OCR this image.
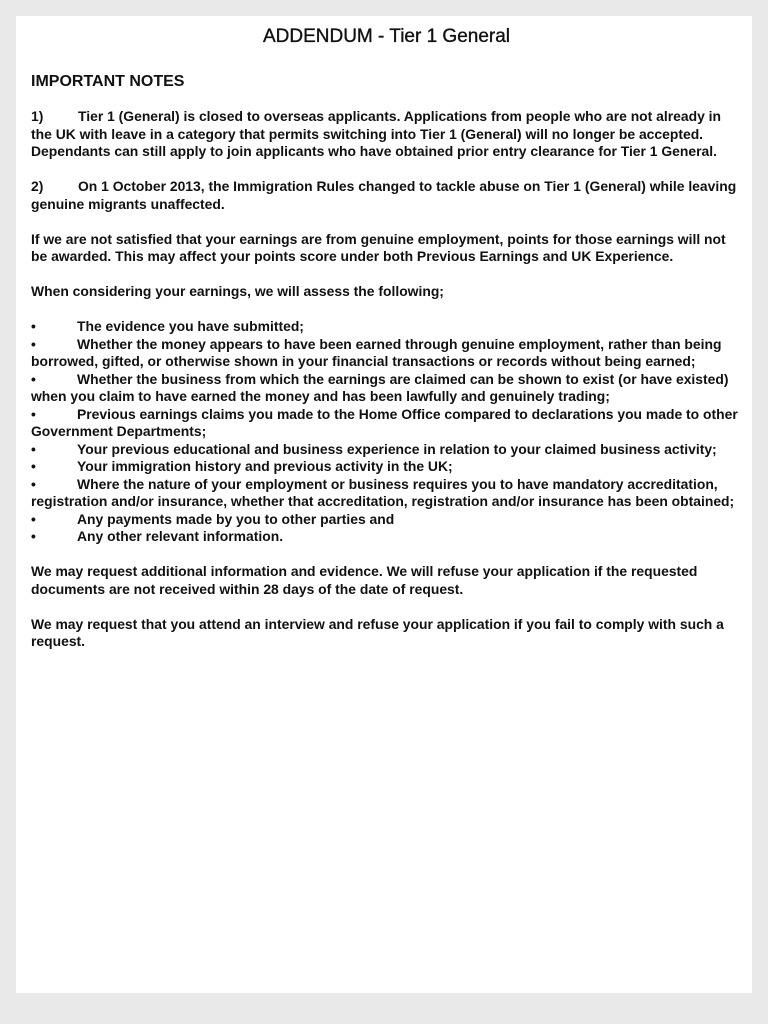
ADDENDUM - Tier 1 General
IMPORTANT NOTES

1) Tier 1 (General) is closed to overseas applicants. Applications from people who are not already in the UK with leave in a category that permits switching into Tier 1 (General) will no longer be accepted. Dependants can still apply to join applicants who have obtained prior entry clearance for Tier 1 General.

2) On 1 October 2013, the Immigration Rules changed to tackle abuse on Tier 1 (General) while leaving genuine migrants unaffected.

If we are not satisfied that your earnings are from genuine employment, points for those earnings will not be awarded. This may affect your points score under both Previous Earnings and UK Experience.

When considering your earnings, we will assess the following;

•	The evidence you have submitted;
•	Whether the money appears to have been earned through genuine employment, rather than being borrowed, gifted, or otherwise shown in your financial transactions or records without being earned;
•	Whether the business from which the earnings are claimed can be shown to exist (or have existed) when you claim to have earned the money and has been lawfully and genuinely trading;
•	Previous earnings claims you made to the Home Office compared to declarations you made to other Government Departments;
•	Your previous educational and business experience in relation to your claimed business activity;
•	Your immigration history and previous activity in the UK;
•	Where the nature of your employment or business requires you to have mandatory accreditation, registration and/or insurance, whether that accreditation, registration and/or insurance has been obtained;
•	Any payments made by you to other parties and
•	Any other relevant information.

We may request additional information and evidence. We will refuse your application if the requested documents are not received within 28 days of the date of request.

We may request that you attend an interview and refuse your application if you fail to comply with such a request.
